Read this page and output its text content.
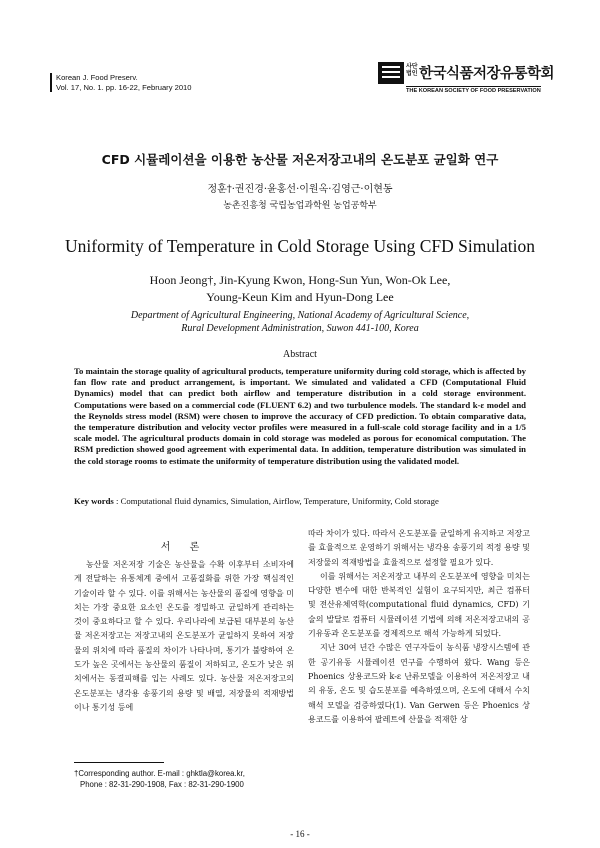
Korean J. Food Preserv.
Vol. 17, No. 1. pp. 16-22, February 2010
사단법인 한국식품저장유통학회
THE KOREAN SOCIETY OF FOOD PRESERVATION
CFD 시뮬레이션을 이용한 농산물 저온저장고내의 온도분포 균일화 연구
정훈†·권진경·윤홍선·이원옥·김영근·이현동
농촌진흥청 국립농업과학원 농업공학부
Uniformity of Temperature in Cold Storage Using CFD Simulation
Hoon Jeong†, Jin-Kyung Kwon, Hong-Sun Yun, Won-Ok Lee,
Young-Keun Kim and Hyun-Dong Lee
Department of Agricultural Engineering, National Academy of Agricultural Science,
Rural Development Administration, Suwon 441-100, Korea
Abstract
To maintain the storage quality of agricultural products, temperature uniformity during cold storage, which is affected by fan flow rate and product arrangement, is important. We simulated and validated a CFD (Computational Fluid Dynamics) model that can predict both airflow and temperature distribution in a cold storage environment. Computations were based on a commercial code (FLUENT 6.2) and two turbulence models. The standard k-ε model and the Reynolds stress model (RSM) were chosen to improve the accuracy of CFD prediction. To obtain comparative data, the temperature distribution and velocity vector profiles were measured in a full-scale cold storage facility and in a 1/5 scale model. The agricultural products domain in cold storage was modeled as porous for economical computation. The RSM prediction showed good agreement with experimental data. In addition, temperature distribution was simulated in the cold storage rooms to estimate the uniformity of temperature distribution using the validated model.
Key words : Computational fluid dynamics, Simulation, Airflow, Temperature, Uniformity, Cold storage
서 론

농산물 저온저장 기술은 농산물을 수확 이후부터 소비자에게 전달하는 유통체계 중에서 고품질화를 위한 가장 핵심적인 기술이라 할 수 있다. 이를 위해서는 농산물의 품질에 영향을 미치는 가장 중요한 요소인 온도를 정밀하고 균일하게 관리하는 것이 중요하다고 할 수 있다. 우리나라에 보급된 대부분의 농산물 저온저장고는 저장고내의 온도분포가 균일하지 못하여 저장물의 위치에 따라 품질의 차이가 나타나며, 통기가 불량하여 온도가 높은 곳에서는 농산물의 품질이 저하되고, 온도가 낮은 위치에서는 동결피해를 입는 사례도 있다. 농산물 저온저장고의 온도분포는 냉각용 송풍기의 용량 및 배열, 저장물의 적재방법이나 통기성 등에

따라 차이가 있다. 따라서 온도분포를 균일하게 유지하고 저장고를 효율적으로 운영하기 위해서는 냉각용 송풍기의 적정 용량 및 저장물의 적재방법을 효율적으로 설정할 필요가 있다.

이를 위해서는 저온저장고 내부의 온도분포에 영향을 미치는 다양한 변수에 대한 반복적인 실험이 요구되지만, 최근 컴퓨터 및 전산유체역학(computational fluid dynamics, CFD) 기술의 발달로 컴퓨터 시뮬레이션 기법에 의해 저온저장고내의 공기유동과 온도분포를 경제적으로 해석 가능하게 되었다.

지난 30여 년간 수많은 연구자들이 농식품 냉장시스템에 관한 공기유동 시뮬레이션 연구를 수행하여 왔다. Wang 등은 Phoenics 상용코드와 k-ε 난류모델을 이용하여 저온저장고 내의 유동, 온도 및 습도분포를 예측하였으며, 온도에 대해서 수치해석 모델을 검증하였다(1). Van Gerwen 등은 Phoenics 상용코드를 이용하여 팔레트에 산물을 적재한 상

†Corresponding author. E-mail : ghktla@korea.kr,
Phone : 82-31-290-1908, Fax : 82-31-290-1900
- 16 -
